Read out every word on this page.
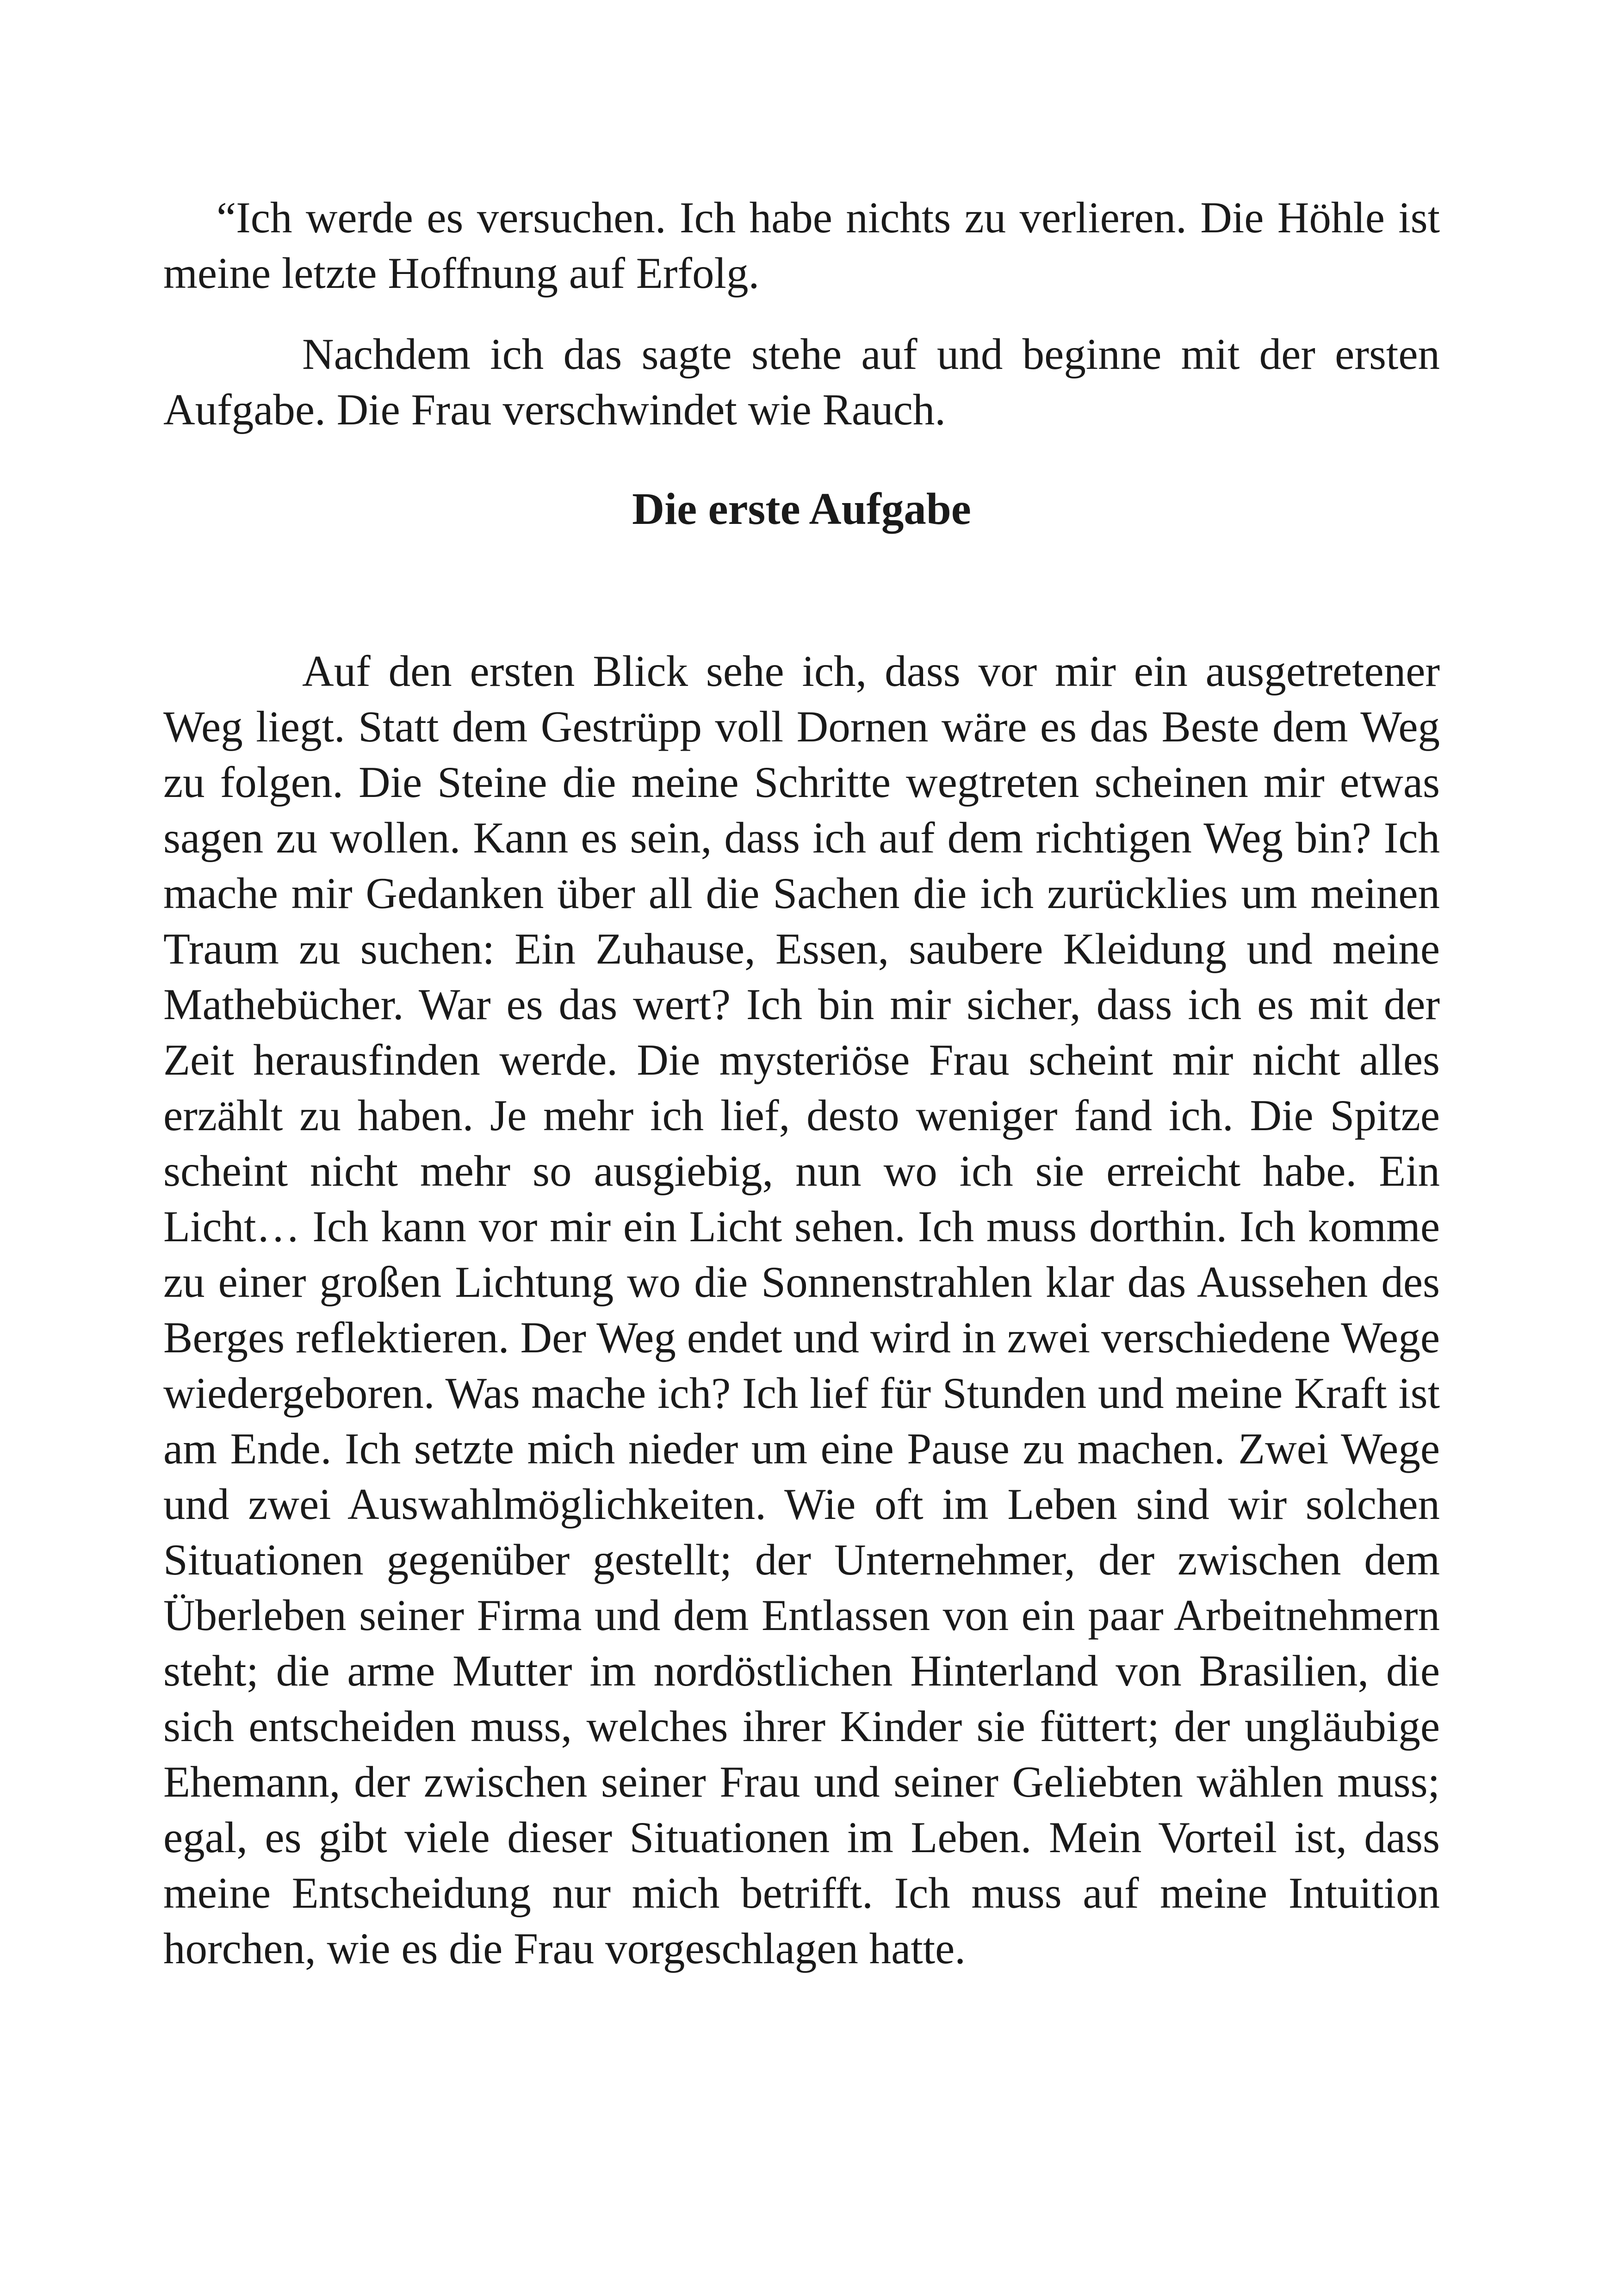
“Ich werde es versuchen. Ich habe nichts zu verlieren. Die Höhle ist meine letzte Hoffnung auf Erfolg.

Nachdem ich das sagte stehe auf und beginne mit der ersten Aufgabe. Die Frau verschwindet wie Rauch.

Die erste Aufgabe

Auf den ersten Blick sehe ich, dass vor mir ein ausgetretener Weg liegt. Statt dem Gestrüpp voll Dornen wäre es das Beste dem Weg zu folgen. Die Steine die meine Schritte wegtreten scheinen mir etwas sagen zu wollen. Kann es sein, dass ich auf dem richtigen Weg bin? Ich mache mir Gedanken über all die Sachen die ich zurücklies um meinen Traum zu suchen: Ein Zuhause, Essen, saubere Kleidung und meine Mathebücher. War es das wert? Ich bin mir sicher, dass ich es mit der Zeit herausfinden werde. Die mysteriöse Frau scheint mir nicht alles erzählt zu haben. Je mehr ich lief, desto weniger fand ich. Die Spitze scheint nicht mehr so ausgiebig, nun wo ich sie erreicht habe. Ein Licht… Ich kann vor mir ein Licht sehen. Ich muss dorthin. Ich komme zu einer großen Lichtung wo die Sonnenstrahlen klar das Aussehen des Berges reflektieren. Der Weg endet und wird in zwei verschiedene Wege wiedergeboren. Was mache ich? Ich lief für Stunden und meine Kraft ist am Ende. Ich setzte mich nieder um eine Pause zu machen. Zwei Wege und zwei Auswahlmöglichkeiten. Wie oft im Leben sind wir solchen Situationen gegenüber gestellt; der Unternehmer, der zwischen dem Überleben seiner Firma und dem Entlassen von ein paar Arbeitnehmern steht; die arme Mutter im nordöstlichen Hinterland von Brasilien, die sich entscheiden muss, welches ihrer Kinder sie füttert; der ungläubige Ehemann, der zwischen seiner Frau und seiner Geliebten wählen muss; egal, es gibt viele dieser Situationen im Leben. Mein Vorteil ist, dass meine Entscheidung nur mich betrifft. Ich muss auf meine Intuition horchen, wie es die Frau vorgeschlagen hatte.
